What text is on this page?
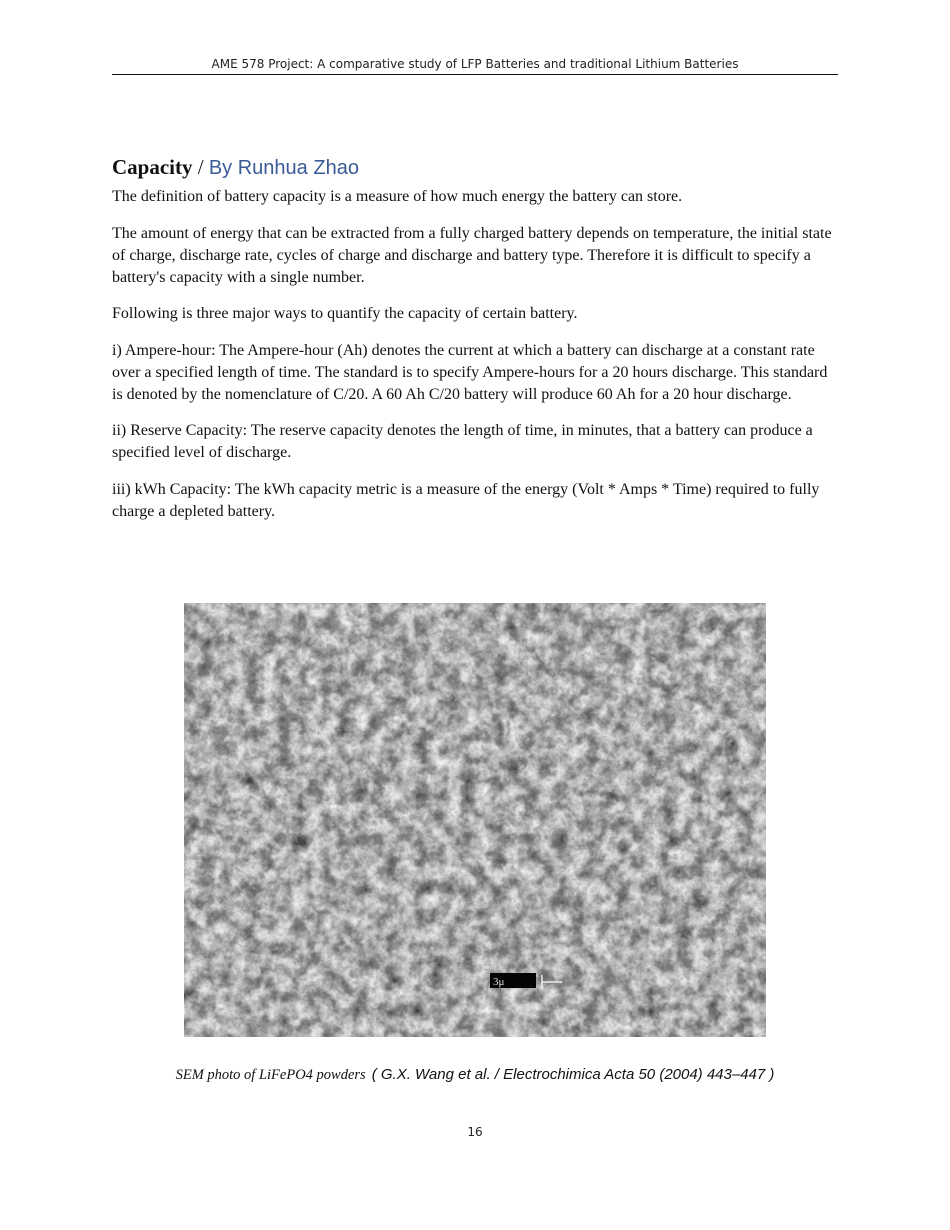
AME 578 Project: A comparative study of LFP Batteries and traditional Lithium Batteries
Capacity / By Runhua Zhao

The definition of battery capacity is a measure of how much energy the battery can store.

The amount of energy that can be extracted from a fully charged battery depends on temperature, the initial state of charge, discharge rate, cycles of charge and discharge and battery type. Therefore it is difficult to specify a battery's capacity with a single number.

Following is three major ways to quantify the capacity of certain battery.

i) Ampere-hour: The Ampere-hour (Ah) denotes the current at which a battery can discharge at a constant rate over a specified length of time. The standard is to specify Ampere-hours for a 20 hours discharge. This standard is denoted by the nomenclature of C/20. A 60 Ah C/20 battery will produce 60 Ah for a 20 hour discharge.

ii) Reserve Capacity: The reserve capacity denotes the length of time, in minutes, that a battery can produce a specified level of discharge.

iii) kWh Capacity: The kWh capacity metric is a measure of the energy (Volt * Amps * Time) required to fully charge a depleted battery.

3μ
SEM photo of LiFePO4 powders ( G.X. Wang et al. / Electrochimica Acta 50 (2004) 443–447 )
16
